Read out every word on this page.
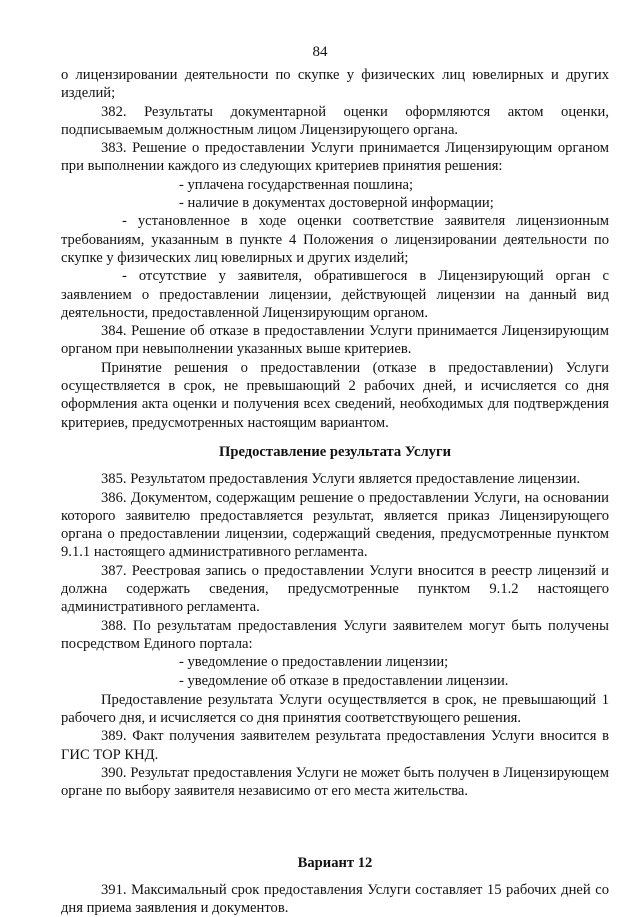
84

о лицензировании деятельности по скупке у физических лиц ювелирных и других изделий;

382. Результаты документарной оценки оформляются актом оценки, подписываемым должностным лицом Лицензирующего органа.

383. Решение о предоставлении Услуги принимается Лицензирующим органом при выполнении каждого из следующих критериев принятия решения:

- уплачена государственная пошлина;

- наличие в документах достоверной информации;

- установленное в ходе оценки соответствие заявителя лицензионным требованиям, указанным в пункте 4 Положения о лицензировании деятельности по скупке у физических лиц ювелирных и других изделий;

- отсутствие у заявителя, обратившегося в Лицензирующий орган с заявлением о предоставлении лицензии, действующей лицензии на данный вид деятельности, предоставленной Лицензирующим органом.

384. Решение об отказе в предоставлении Услуги принимается Лицензирующим органом при невыполнении указанных выше критериев.

Принятие решения о предоставлении (отказе в предоставлении) Услуги осуществляется в срок, не превышающий 2 рабочих дней, и исчисляется со дня оформления акта оценки и получения всех сведений, необходимых для подтверждения критериев, предусмотренных настоящим вариантом.

Предоставление результата Услуги

385. Результатом предоставления Услуги является предоставление лицензии.

386. Документом, содержащим решение о предоставлении Услуги, на основании которого заявителю предоставляется результат, является приказ Лицензирующего органа о предоставлении лицензии, содержащий сведения, предусмотренные пунктом 9.1.1 настоящего административного регламента.

387. Реестровая запись о предоставлении Услуги вносится в реестр лицензий и должна содержать сведения, предусмотренные пунктом 9.1.2 настоящего административного регламента.

388. По результатам предоставления Услуги заявителем могут быть получены посредством Единого портала:

- уведомление о предоставлении лицензии;

- уведомление об отказе в предоставлении лицензии.

Предоставление результата Услуги осуществляется в срок, не превышающий 1 рабочего дня, и исчисляется со дня принятия соответствующего решения.

389. Факт получения заявителем результата предоставления Услуги вносится в ГИС ТОР КНД.

390. Результат предоставления Услуги не может быть получен в Лицензирующем органе по выбору заявителя независимо от его места жительства.

Вариант 12

391. Максимальный срок предоставления Услуги составляет 15 рабочих дней со дня приема заявления и документов.
